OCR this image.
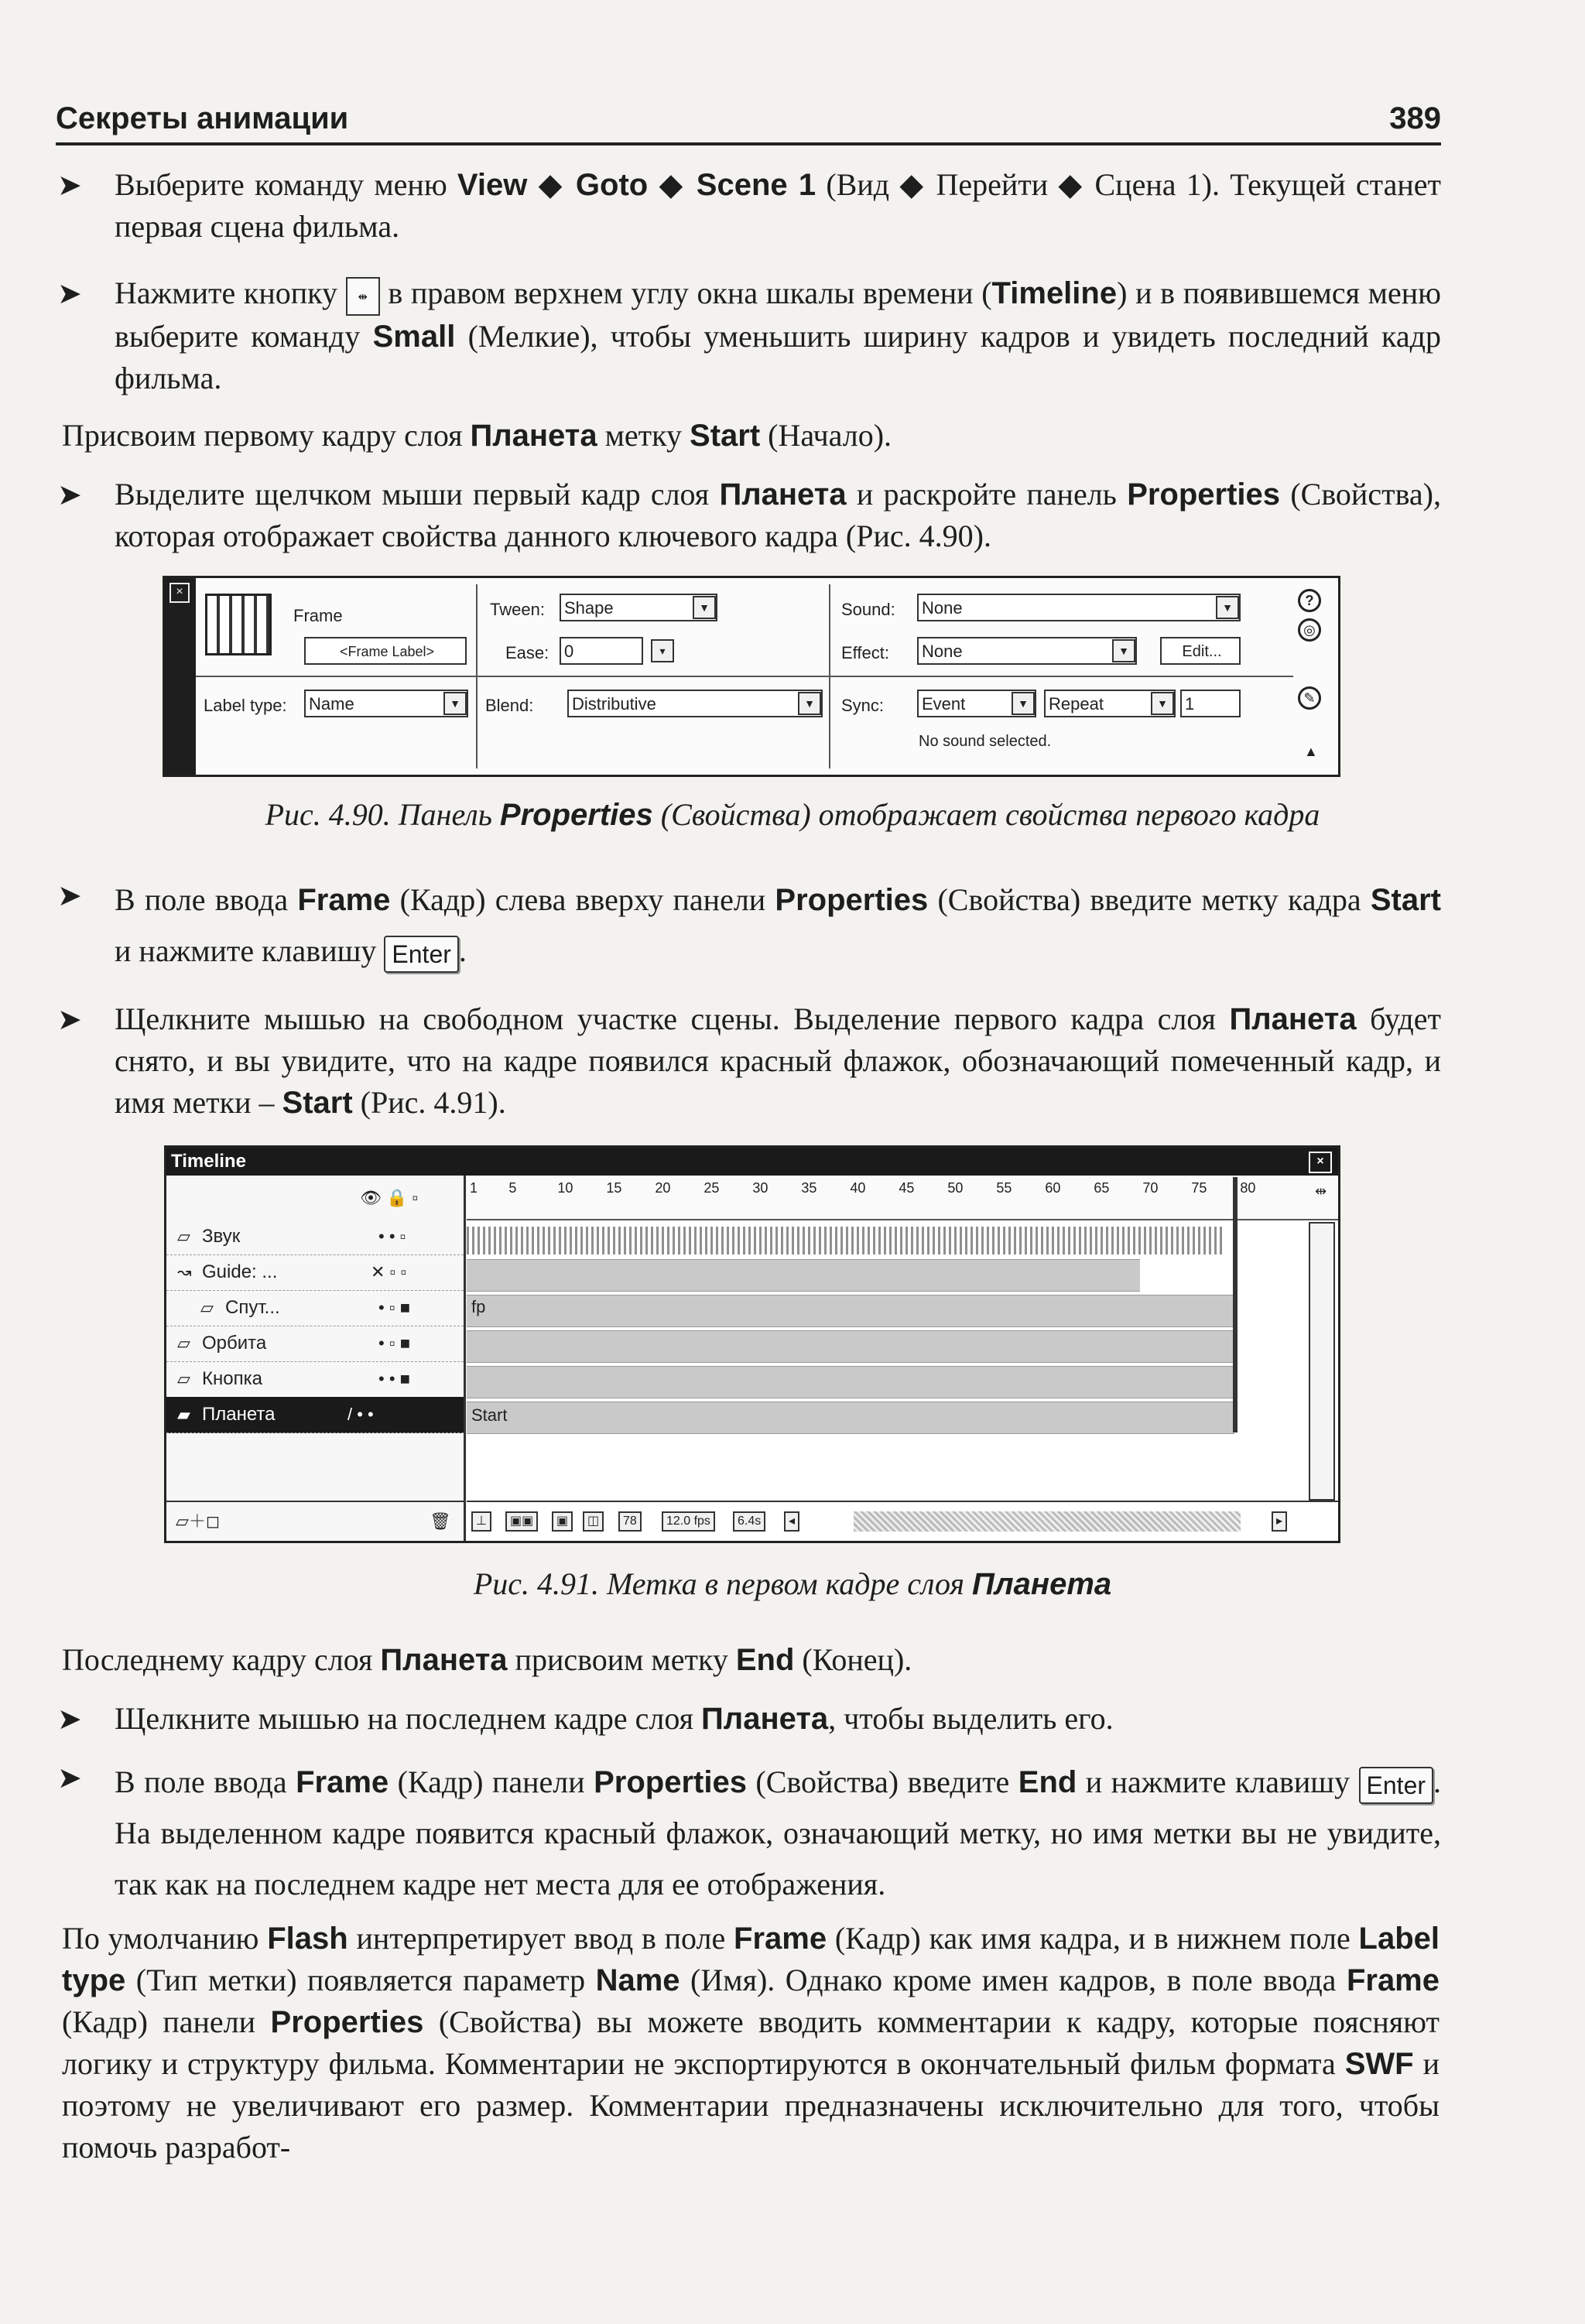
Секреты анимации	389
➤	Выберите команду меню View ◆ Goto ◆ Scene 1 (Вид ◆ Перейти ◆ Сцена 1). Текущей станет первая сцена фильма.
➤	Нажмите кнопку ⇹ в правом верхнем углу окна шкалы времени (Timeline) и в появившемся меню выберите команду Small (Мелкие), чтобы уменьшить ширину кадров и увидеть последний кадр фильма.
Присвоим первому кадру слоя Планета метку Start (Начало).
➤	Выделите щелчком мыши первый кадр слоя Планета и раскройте панель Properties (Свойства), которая отображает свойства данного ключевого кадра (Рис. 4.90).
×
Frame
<Frame Label>
Label type: Name	▼
Tween: Shape	▼
Ease: 0	▾
Blend: Distributive	▼
Sound: None	▼
Effect: None	▼	Edit...
Sync: Event	▼	Repeat	▼	1
No sound selected.
?
◎
✎
▲
Рис. 4.90. Панель Properties (Свойства) отображает свойства первого кадра
➤	В поле ввода Frame (Кадр) слева вверху панели Properties (Свойства) введите метку кадра Start и нажмите клавишу Enter .
➤	Щелкните мышью на свободном участке сцены. Выделение первого кадра слоя Планета будет снято, и вы увидите, что на кадре появился красный флажок, обозначающий помеченный кадр, и имя метки – Start (Рис. 4.91).
Timeline	×
👁 🔒 ▫
▱ Звук	• • ▫
↝ Guide: ...	✕ ▫ ▫
▱ Спут...	• ▫ ■
▱ Орбита	• ▫ ■
▱ Кнопка	• • ■
▰ Планета	/ • •
▱＋◻	🗑
1 5	10 15 20 25 30 35 40 45 50 55 60 65 70 75 80	⇹
fp
Start
⊥	▣▣	▣	◫	78	12.0 fps	6.4s	◂	▸
Рис. 4.91. Метка в первом кадре слоя Планета
Последнему кадру слоя Планета присвоим метку End (Конец).
➤	Щелкните мышью на последнем кадре слоя Планета, чтобы выделить его.
➤	В поле ввода Frame (Кадр) панели Properties (Свойства) введите End и нажмите клавишу Enter . На выделенном кадре появится красный флажок, означающий метку, но имя метки вы не увидите, так как на последнем кадре нет места для ее отображения.
По умолчанию Flash интерпретирует ввод в поле Frame (Кадр) как имя кадра, и в нижнем поле Label type (Тип метки) появляется параметр Name (Имя). Однако кроме имен кадров, в поле ввода Frame (Кадр) панели Properties (Свойства) вы можете вводить комментарии к кадру, которые поясняют логику и структуру фильма. Комментарии не экспортируются в окончательный фильм формата SWF и поэтому не увеличивают его размер. Комментарии предназначены исключительно для того, чтобы помочь разработ-
